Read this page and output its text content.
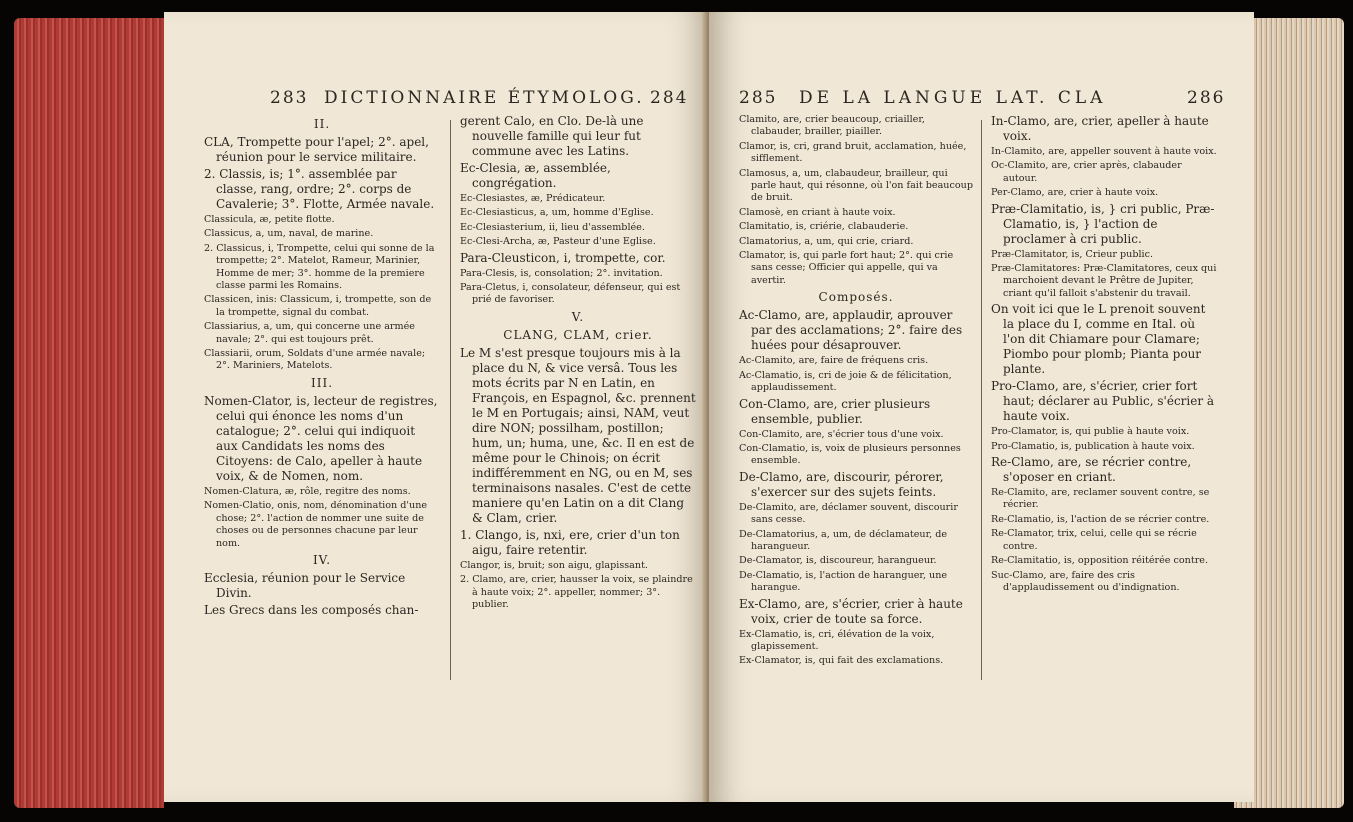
283 DICTIONNAIRE ÉTYMOLOG. 284

II.

CLA, Trompette pour l'apel; 2°. apel, réunion pour le service militaire.

2. Classis, is; 1°. assemblée par classe, rang, ordre; 2°. corps de Cavalerie; 3°. Flotte, Armée navale.

Classicula, æ, petite flotte.

Classicus, a, um, naval, de marine.

2. Classicus, i, Trompette, celui qui sonne de la trompette; 2°. Matelot, Rameur, Marinier, Homme de mer; 3°. homme de la premiere classe parmi les Romains.

Classicen, inis: Classicum, i, trompette, son de la trompette, signal du combat.

Classiarius, a, um, qui concerne une armée navale; 2°. qui est toujours prêt.

Classiarii, orum, Soldats d'une armée navale; 2°. Mariniers, Matelots.

III.

Nomen-Clator, is, lecteur de registres, celui qui énonce les noms d'un catalogue; 2°. celui qui indiquoit aux Candidats les noms des Citoyens: de Calo, apeller à haute voix, & de Nomen, nom.

Nomen-Clatura, æ, rôle, regitre des noms.

Nomen-Clatio, onis, nom, dénomination d'une chose; 2°. l'action de nommer une suite de choses ou de personnes chacune par leur nom.

IV.

Ecclesia, réunion pour le Service Divin.

Les Grecs dans les composés chan-

gerent Calo, en Clo. De-là une nouvelle famille qui leur fut commune avec les Latins.

Ec-Clesia, æ, assemblée, congrégation.

Ec-Clesiastes, æ, Prédicateur.

Ec-Clesiasticus, a, um, homme d'Eglise.

Ec-Clesiasterium, ii, lieu d'assemblée.

Ec-Clesi-Archa, æ, Pasteur d'une Eglise.

Para-Cleusticon, i, trompette, cor.

Para-Clesis, is, consolation; 2°. invitation.

Para-Cletus, i, consolateur, défenseur, qui est prié de favoriser.

V.

CLANG, CLAM, crier.

Le M s'est presque toujours mis à la place du N, & vice versâ. Tous les mots écrits par N en Latin, en François, en Espagnol, &c. prennent le M en Portugais; ainsi, NAM, veut dire NON; possilham, postillon; hum, un; huma, une, &c. Il en est de même pour le Chinois; on écrit indifféremment en NG, ou en M, ses terminaisons nasales. C'est de cette maniere qu'en Latin on a dit Clang & Clam, crier.

1. Clango, is, nxi, ere, crier d'un ton aigu, faire retentir.

Clangor, is, bruit; son aigu, glapissant.

2. Clamo, are, crier, hausser la voix, se plaindre à haute voix; 2°. appeller, nommer; 3°. publier.

285 DE LA LANGUE LAT. CLA	286

Clamito, are, crier beaucoup, criailler, clabauder, brailler, piailler.

Clamor, is, cri, grand bruit, acclamation, huée, sifflement.

Clamosus, a, um, clabaudeur, brailleur, qui parle haut, qui résonne, où l'on fait beaucoup de bruit.

Clamosè, en criant à haute voix.

Clamitatio, is, criérie, clabauderie.

Clamatorius, a, um, qui crie, criard.

Clamator, is, qui parle fort haut; 2°. qui crie sans cesse; Officier qui appelle, qui va avertir.

Composés.

Ac-Clamo, are, applaudir, aprouver par des acclamations; 2°. faire des huées pour désaprouver.

Ac-Clamito, are, faire de fréquens cris.

Ac-Clamatio, is, cri de joie & de félicitation, applaudissement.

Con-Clamo, are, crier plusieurs ensemble, publier.

Con-Clamito, are, s'écrier tous d'une voix.

Con-Clamatio, is, voix de plusieurs personnes ensemble.

De-Clamo, are, discourir, pérorer, s'exercer sur des sujets feints.

De-Clamito, are, déclamer souvent, discourir sans cesse.

De-Clamatorius, a, um, de déclamateur, de harangueur.

De-Clamator, is, discoureur, harangueur.

De-Clamatio, is, l'action de haranguer, une harangue.

Ex-Clamo, are, s'écrier, crier à haute voix, crier de toute sa force.

Ex-Clamatio, is, cri, élévation de la voix, glapissement.

Ex-Clamator, is, qui fait des exclamations.

In-Clamo, are, crier, apeller à haute voix.

In-Clamito, are, appeller souvent à haute voix.

Oc-Clamito, are, crier après, clabauder autour.

Per-Clamo, are, crier à haute voix.

Præ-Clamitatio, is, } cri public, Præ-Clamatio, is, } l'action de proclamer à cri public.

Præ-Clamitator, is, Crieur public.

Præ-Clamitatores: Præ-Clamitatores, ceux qui marchoient devant le Prêtre de Jupiter, criant qu'il falloit s'abstenir du travail.

On voit ici que le L prenoit souvent la place du I, comme en Ital. où l'on dit Chiamare pour Clamare; Piombo pour plomb; Pianta pour plante.

Pro-Clamo, are, s'écrier, crier fort haut; déclarer au Public, s'écrier à haute voix.

Pro-Clamator, is, qui publie à haute voix.

Pro-Clamatio, is, publication à haute voix.

Re-Clamo, are, se récrier contre, s'oposer en criant.

Re-Clamito, are, reclamer souvent contre, se récrier.

Re-Clamatio, is, l'action de se récrier contre.

Re-Clamator, trix, celui, celle qui se récrie contre.

Re-Clamitatio, is, opposition réitérée contre.

Suc-Clamo, are, faire des cris d'applaudissement ou d'indignation.
